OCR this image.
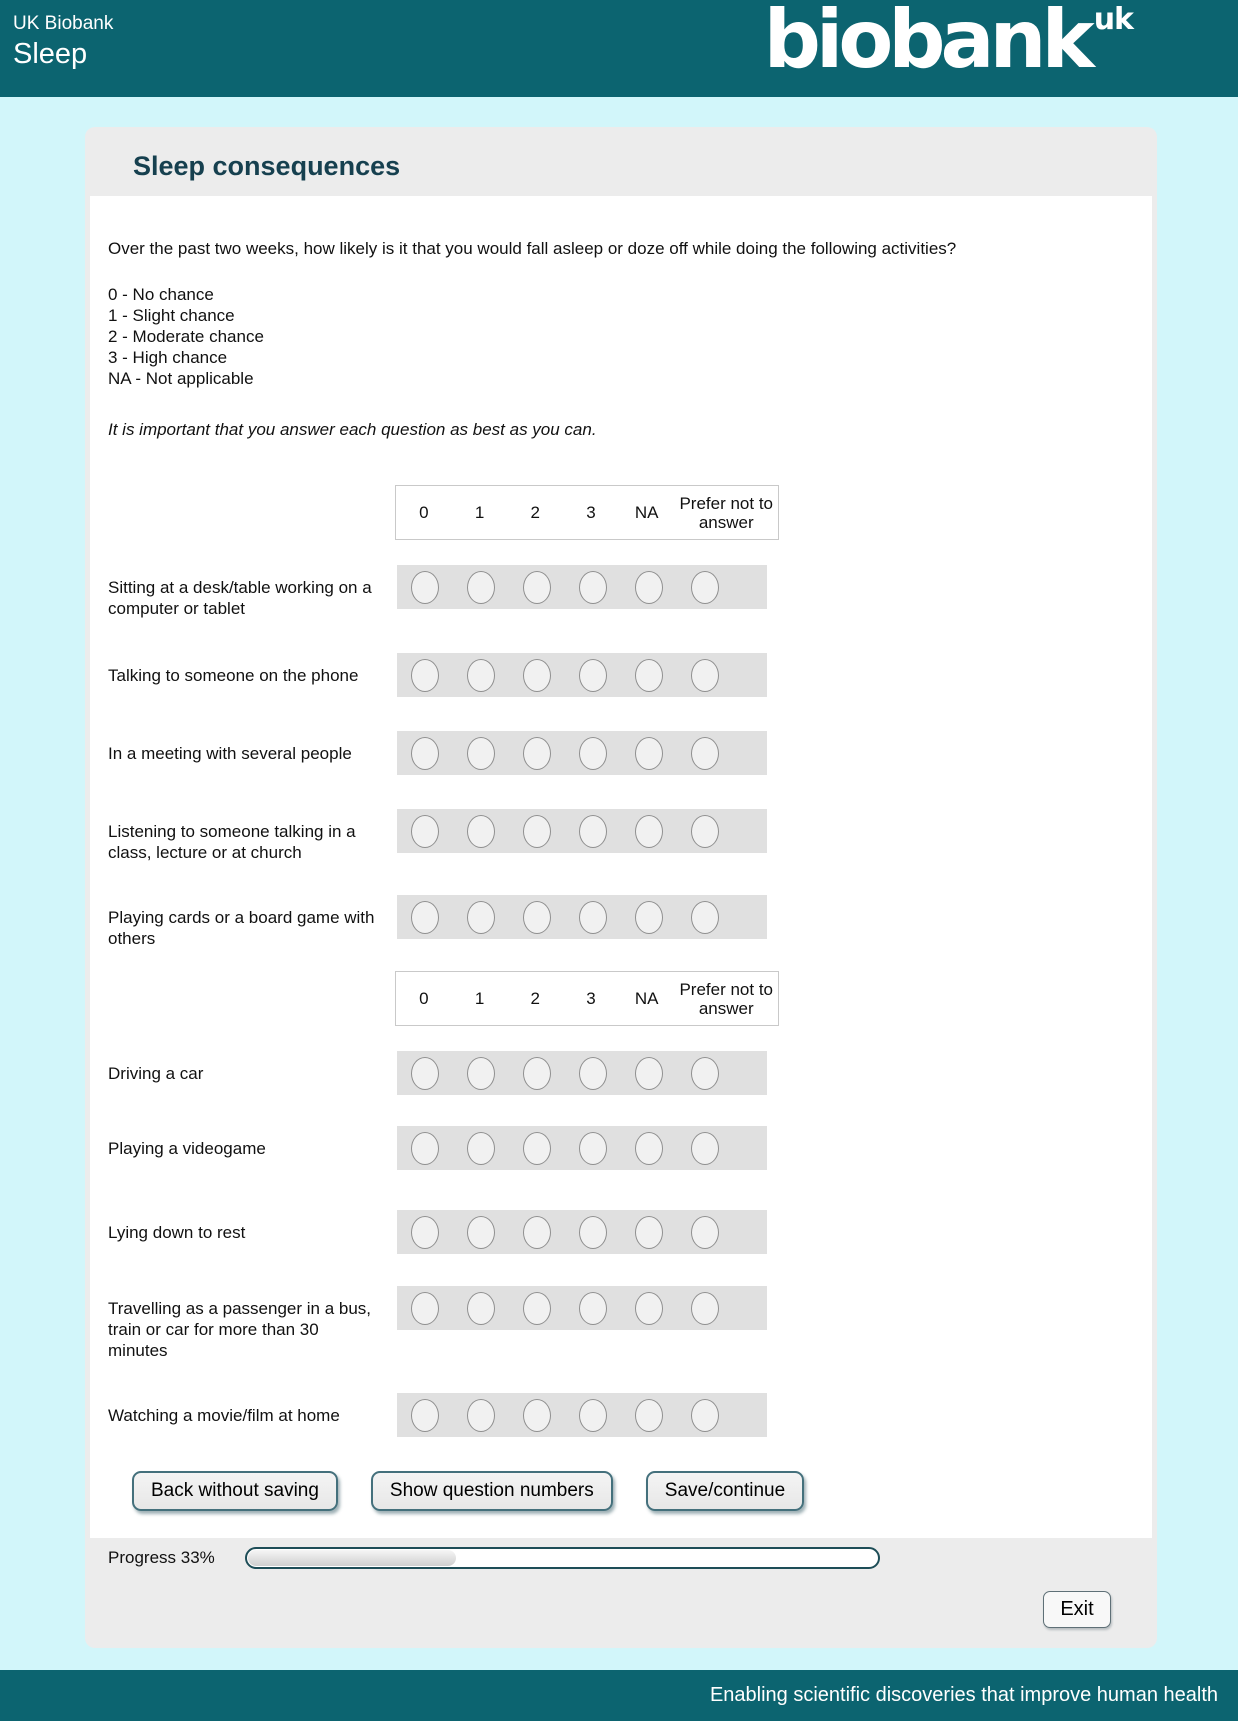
UK Biobank
Sleep	biobank $^{uk}$
Sleep consequences

Over the past two weeks, how likely is it that you would fall asleep or doze off while doing the following activities?

0 - No chance
1 - Slight chance
2 - Moderate chance
3 - High chance
NA - Not applicable

It is important that you answer each question as best as you can.

0	1	2	3	NA	Prefer not to answer
Sitting at a desk/table working on a computer or tablet
Talking to someone on the phone
In a meeting with several people
Listening to someone talking in a class, lecture or at church
Playing cards or a board game with others
0	1	2	3	NA	Prefer not to answer
Driving a car
Playing a videogame
Lying down to rest
Travelling as a passenger in a bus, train or car for more than 30 minutes
Watching a movie/film at home
Back without saving	Show question numbers	Save/continue
Progress 33%
Exit
Enabling scientific discoveries that improve human health
